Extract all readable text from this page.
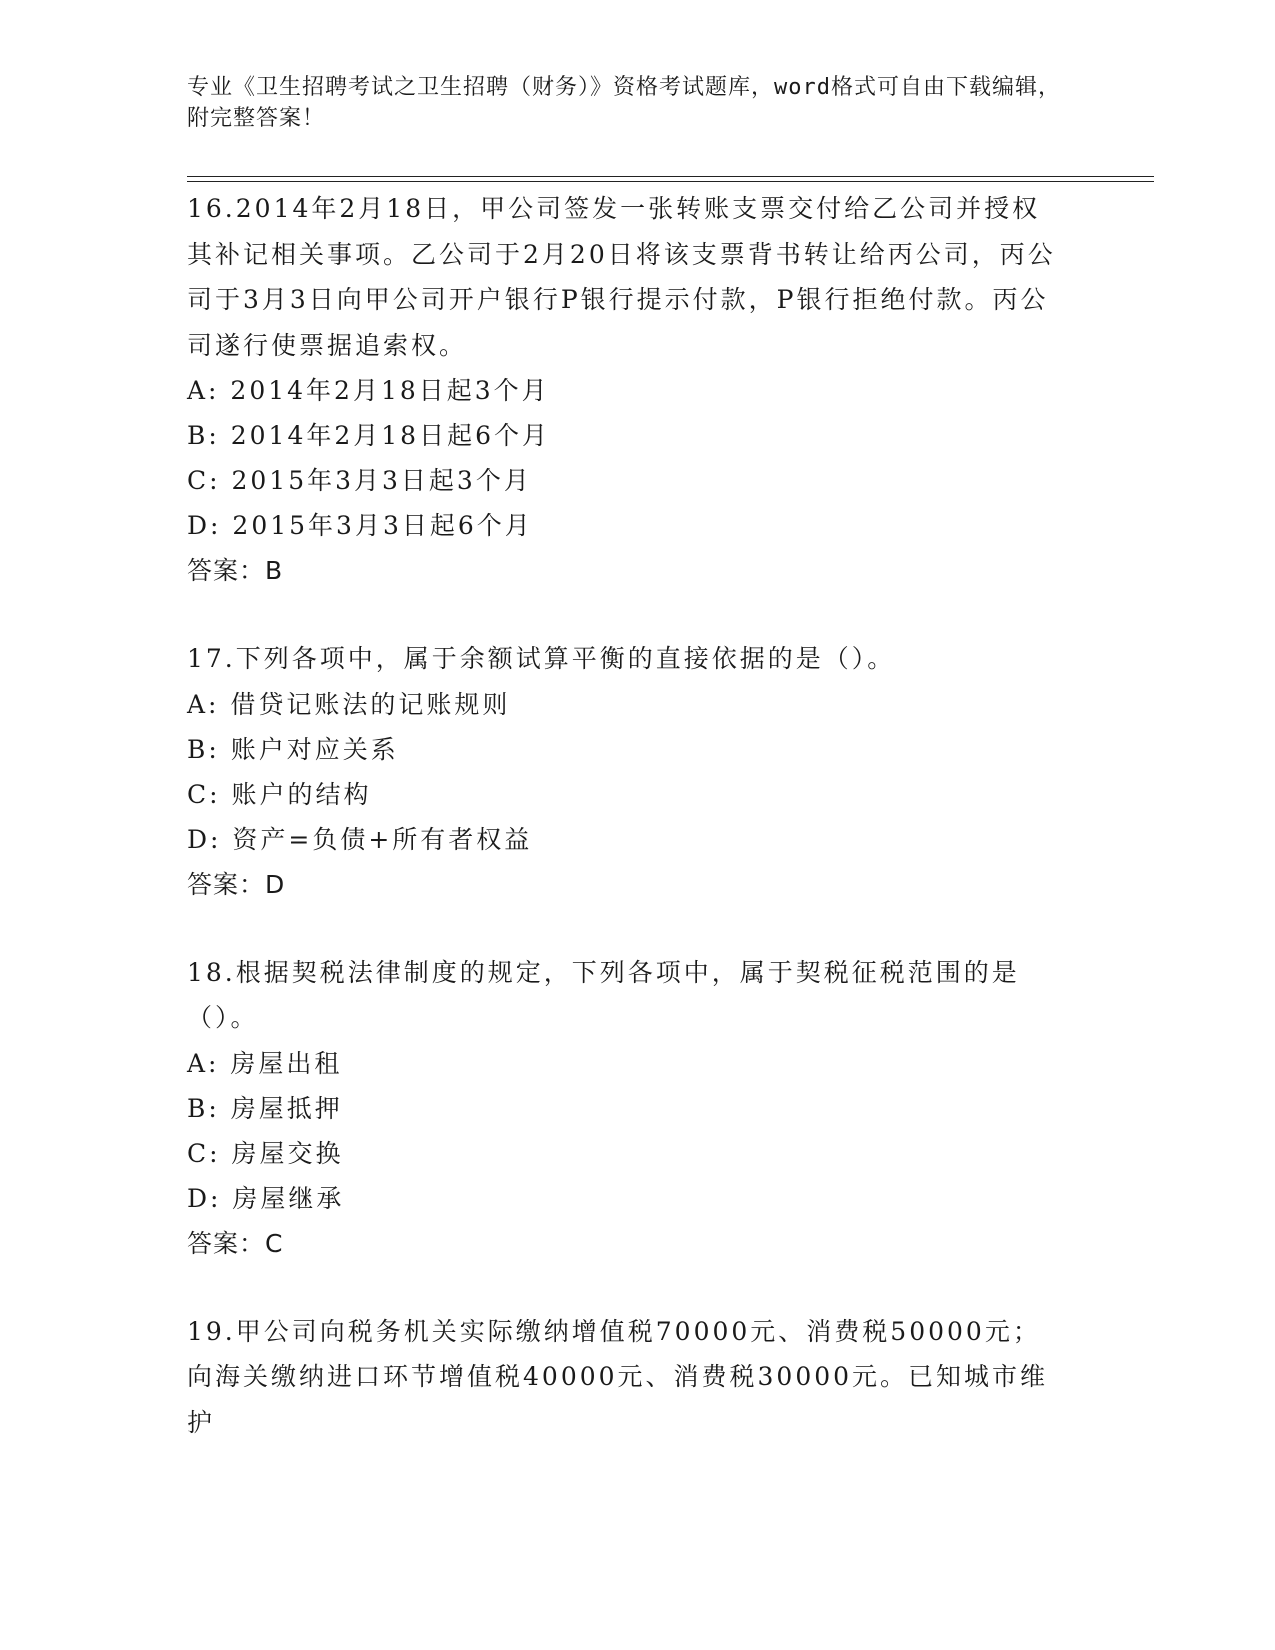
专业《卫生招聘考试之卫生招聘（财务）》资格考试题库，word格式可自由下载编辑，附完整答案！
16.2014年2月18日，甲公司签发一张转账支票交付给乙公司并授权其补记相关事项。乙公司于2月20日将该支票背书转让给丙公司，丙公司于3月3日向甲公司开户银行P银行提示付款，P银行拒绝付款。丙公司遂行使票据追索权。
A: 2014年2月18日起3个月
B: 2014年2月18日起6个月
C: 2015年3月3日起3个月
D: 2015年3月3日起6个月
答案：B
17.下列各项中，属于余额试算平衡的直接依据的是（）。
A: 借贷记账法的记账规则
B: 账户对应关系
C: 账户的结构
D: 资产=负债+所有者权益
答案：D
18.根据契税法律制度的规定，下列各项中，属于契税征税范围的是（）。
A: 房屋出租
B: 房屋抵押
C: 房屋交换
D: 房屋继承
答案：C
19.甲公司向税务机关实际缴纳增值税70000元、消费税50000元；向海关缴纳进口环节增值税40000元、消费税30000元。已知城市维护
